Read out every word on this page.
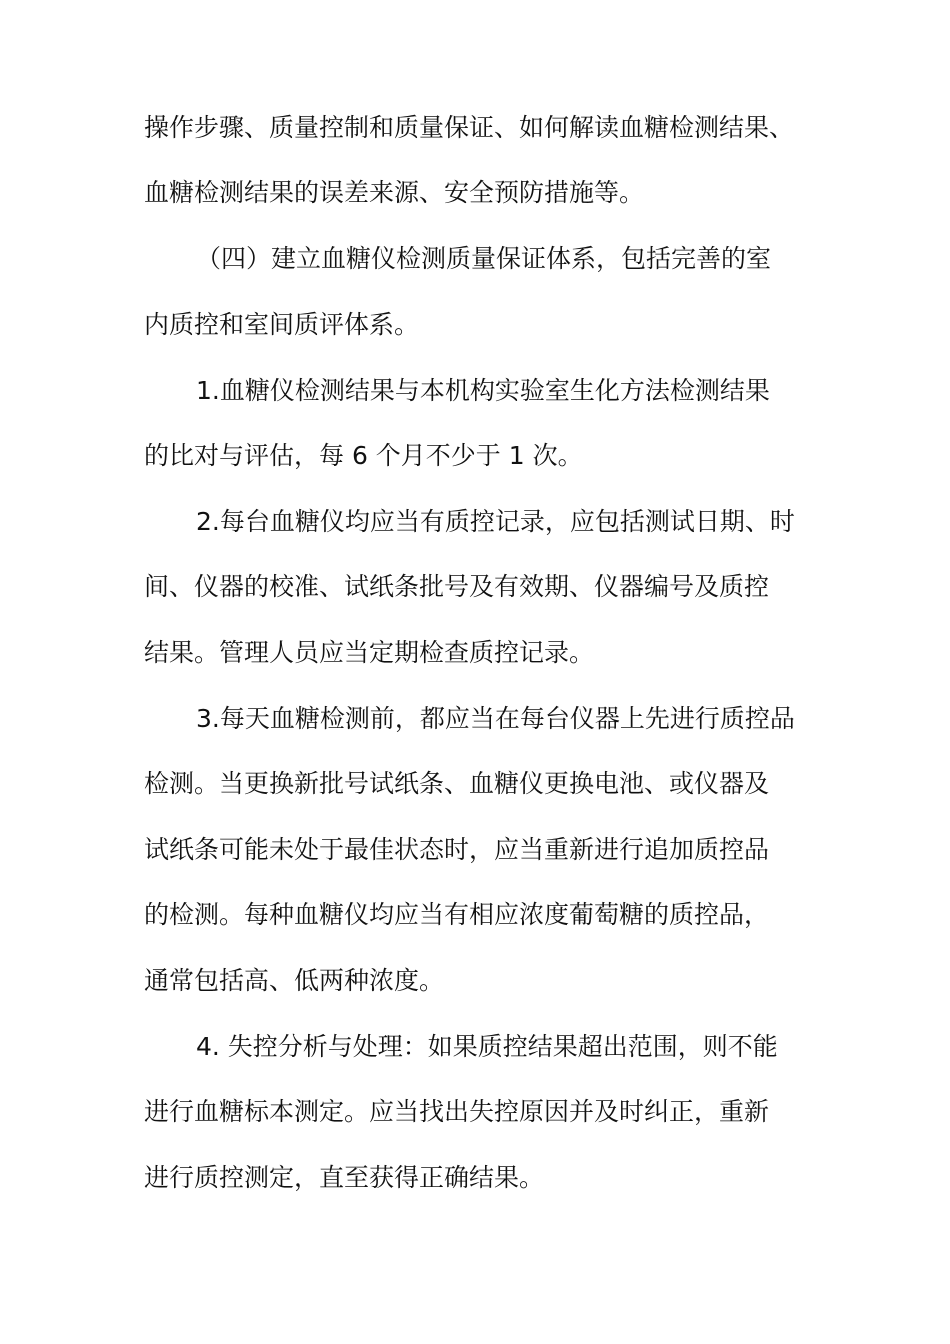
操作步骤、质量控制和质量保证、如何解读血糖检测结果、
血糖检测结果的误差来源、安全预防措施等。
（四）建立血糖仪检测质量保证体系，包括完善的室
内质控和室间质评体系。
1.血糖仪检测结果与本机构实验室生化方法检测结果
的比对与评估，每 6 个月不少于 1 次。
2.每台血糖仪均应当有质控记录，应包括测试日期、时
间、仪器的校准、试纸条批号及有效期、仪器编号及质控
结果。管理人员应当定期检查质控记录。
3.每天血糖检测前，都应当在每台仪器上先进行质控品
检测。当更换新批号试纸条、血糖仪更换电池、或仪器及
试纸条可能未处于最佳状态时，应当重新进行追加质控品
的检测。每种血糖仪均应当有相应浓度葡萄糖的质控品，
通常包括高、低两种浓度。
4. 失控分析与处理：如果质控结果超出范围，则不能
进行血糖标本测定。应当找出失控原因并及时纠正，重新
进行质控测定，直至获得正确结果。
